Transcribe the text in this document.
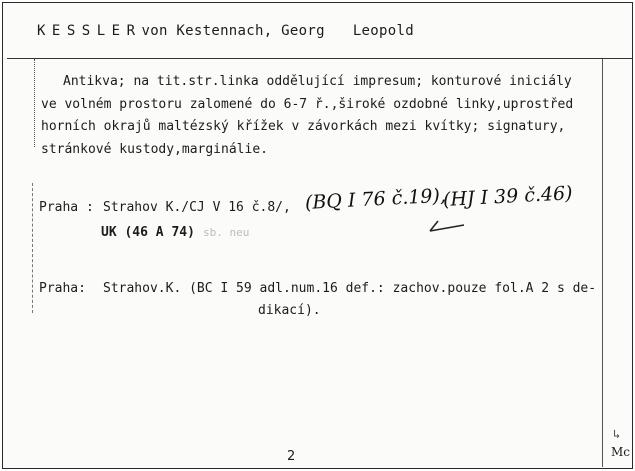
KESSLERvon Kestennach, Georg Leopold
Antikva; na tit.str.linka oddělující impresum; konturové iniciály
ve volném prostoru zalomené do 6-7 ř.,široké ozdobné linky,uprostřed
horních okrajů maltézský křížek v závorkách mezi kvítky; signatury,
stránkové kustody,marginálie.
Praha : Strahov K./CJ V 16 č.8/, (BQ I 76 č.19),
(HJ I 39 č.46)
UK (46 A 74) sb. neu
Praha: Strahov.K. (BC I 59 adl.num.16 def.: zachov.pouze fol.A 2 s de-
dikací).
↳
2	Mc
